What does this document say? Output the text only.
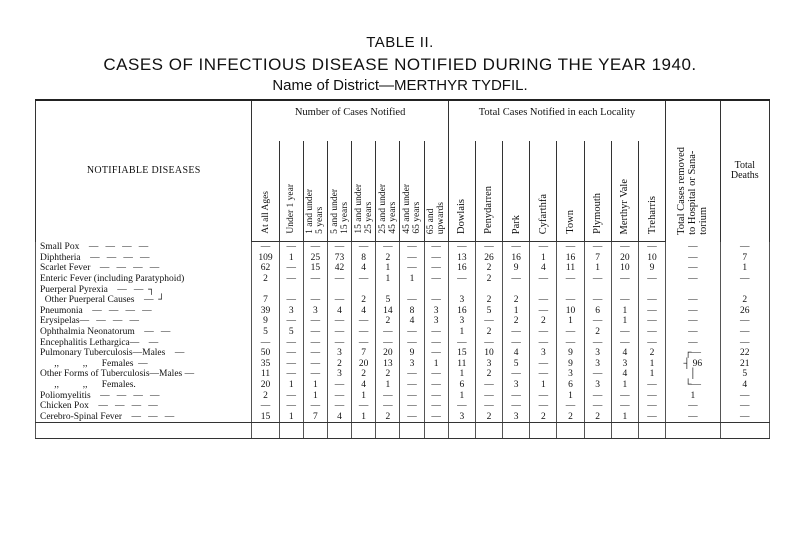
TABLE II.
CASES OF INFECTIOUS DISEASE NOTIFIED DURING THE YEAR 1940.
Name of District—MERTHYR TYDFIL.
NOTIFIABLE DISEASES	Number of Cases Notified								Total Cases Notified in each Locality								Total Cases removed
to Hospital or Sana-
torium	Total
Deaths
	At all Ages	Under 1 year	1 and under
5 years	5 and under
15 years	15 and under
25 years	25 and under
45 years	45 and under
65 years	65 and
upwards	Dowlais	Penydarren	Park	Cyfarthfa	Town	Plymouth	Merthyr Vale	Treharris		
Small Pox    —   —   —   —	—	—	—	—	—	—	—	—	—	—	—	—	—	—	—	—	—	—
Diphtheria    —   —   —   —	109	1	25	73	8	2	—	—	13	26	16	1	16	7	20	10	—	7
Scarlet Fever    —   —   —   —	62	—	15	42	4	1	—	—	16	2	9	4	11	1	10	9	—	1
Enteric Fever (including Paratyphoid)	2	—	—	—	—	1	1	—	—	2	—	—	—	—	—	—	—	—
Puerperal Pyrexia    —   —  ┐																		
Other Puerperal Causes    —  ┘	7	—	—	—	2	5	—	—	3	2	2	—	—	—	—	—	—	2
Pneumonia    —   —   —   —	39	3	3	4	4	14	8	3	16	5	1	—	10	6	1	—	—	26
Erysipelas—   —   —   —	9	—	—	—	—	2	4	3	3	—	2	2	1	—	1	—	—	—
Ophthalmia Neonatorum    —   —	5	5	—	—	—	—	—	—	1	2	—	—	—	2	—	—	—	—
Encephalitis Lethargica—    —	—	—	—	—	—	—	—	—	—	—	—	—	—	—	—	—	—	—
Pulmonary Tuberculosis—Males    —	50	—	—	3	7	20	9	—	15	10	4	3	9	3	4	2	┌—	22
,,          ,,      Females  —	35	—	—	2	20	13	3	1	11	3	5	—	9	3	3	1	┤ 96	21
Other Forms of Tuberculosis—Males —	11	—	—	3	2	2	—	—	1	2	—	—	3	—	4	1	│	5
,,          ,,      Females.	20	1	1	—	4	1	—	—	6	—	3	1	6	3	1	—	└—	4
Poliomyelitis    —   —   —   —	2	—	1	—	1	—	—	—	1	—	—	—	1	—	—	—	1	—
Chicken Pox    —   —   —   —	—	—	—	—	—	—	—	—	—	—	—	—	—	—	—	—	—	—
Cerebro-Spinal Fever    —   —   —	15	1	7	4	1	2	—	—	3	2	3	2	2	2	1	—	—	—
